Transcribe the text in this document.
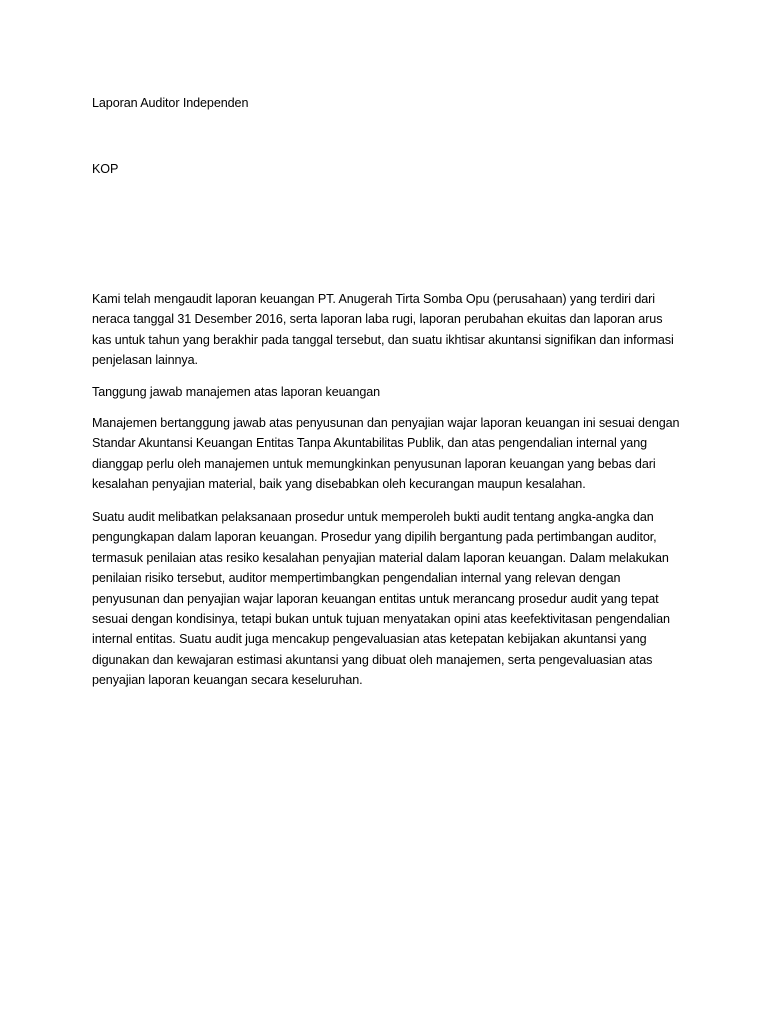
Laporan Auditor Independen

KOP

Kami telah mengaudit laporan keuangan PT. Anugerah Tirta Somba Opu (perusahaan) yang terdiri dari neraca tanggal 31 Desember 2016, serta laporan laba rugi, laporan perubahan ekuitas dan laporan arus kas untuk tahun yang berakhir pada tanggal tersebut, dan suatu ikhtisar akuntansi signifikan dan informasi penjelasan lainnya.

Tanggung jawab manajemen atas laporan keuangan

Manajemen bertanggung jawab atas penyusunan dan penyajian wajar laporan keuangan ini sesuai dengan Standar Akuntansi Keuangan Entitas Tanpa Akuntabilitas Publik, dan atas pengendalian internal yang dianggap perlu oleh manajemen untuk memungkinkan penyusunan laporan keuangan yang bebas dari kesalahan penyajian material, baik yang disebabkan oleh kecurangan maupun kesalahan.

Suatu audit melibatkan pelaksanaan prosedur untuk memperoleh bukti audit tentang angka-angka dan pengungkapan dalam laporan keuangan. Prosedur yang dipilih bergantung pada pertimbangan auditor, termasuk penilaian atas resiko kesalahan penyajian material dalam laporan keuangan. Dalam melakukan penilaian risiko tersebut, auditor mempertimbangkan pengendalian internal yang relevan dengan penyusunan dan penyajian wajar laporan keuangan entitas untuk merancang prosedur audit yang tepat sesuai dengan kondisinya, tetapi bukan untuk tujuan menyatakan opini atas keefektivitasan pengendalian internal entitas. Suatu audit juga mencakup pengevaluasian atas ketepatan kebijakan akuntansi yang digunakan dan kewajaran estimasi akuntansi yang dibuat oleh manajemen, serta pengevaluasian atas penyajian laporan keuangan secara keseluruhan.
